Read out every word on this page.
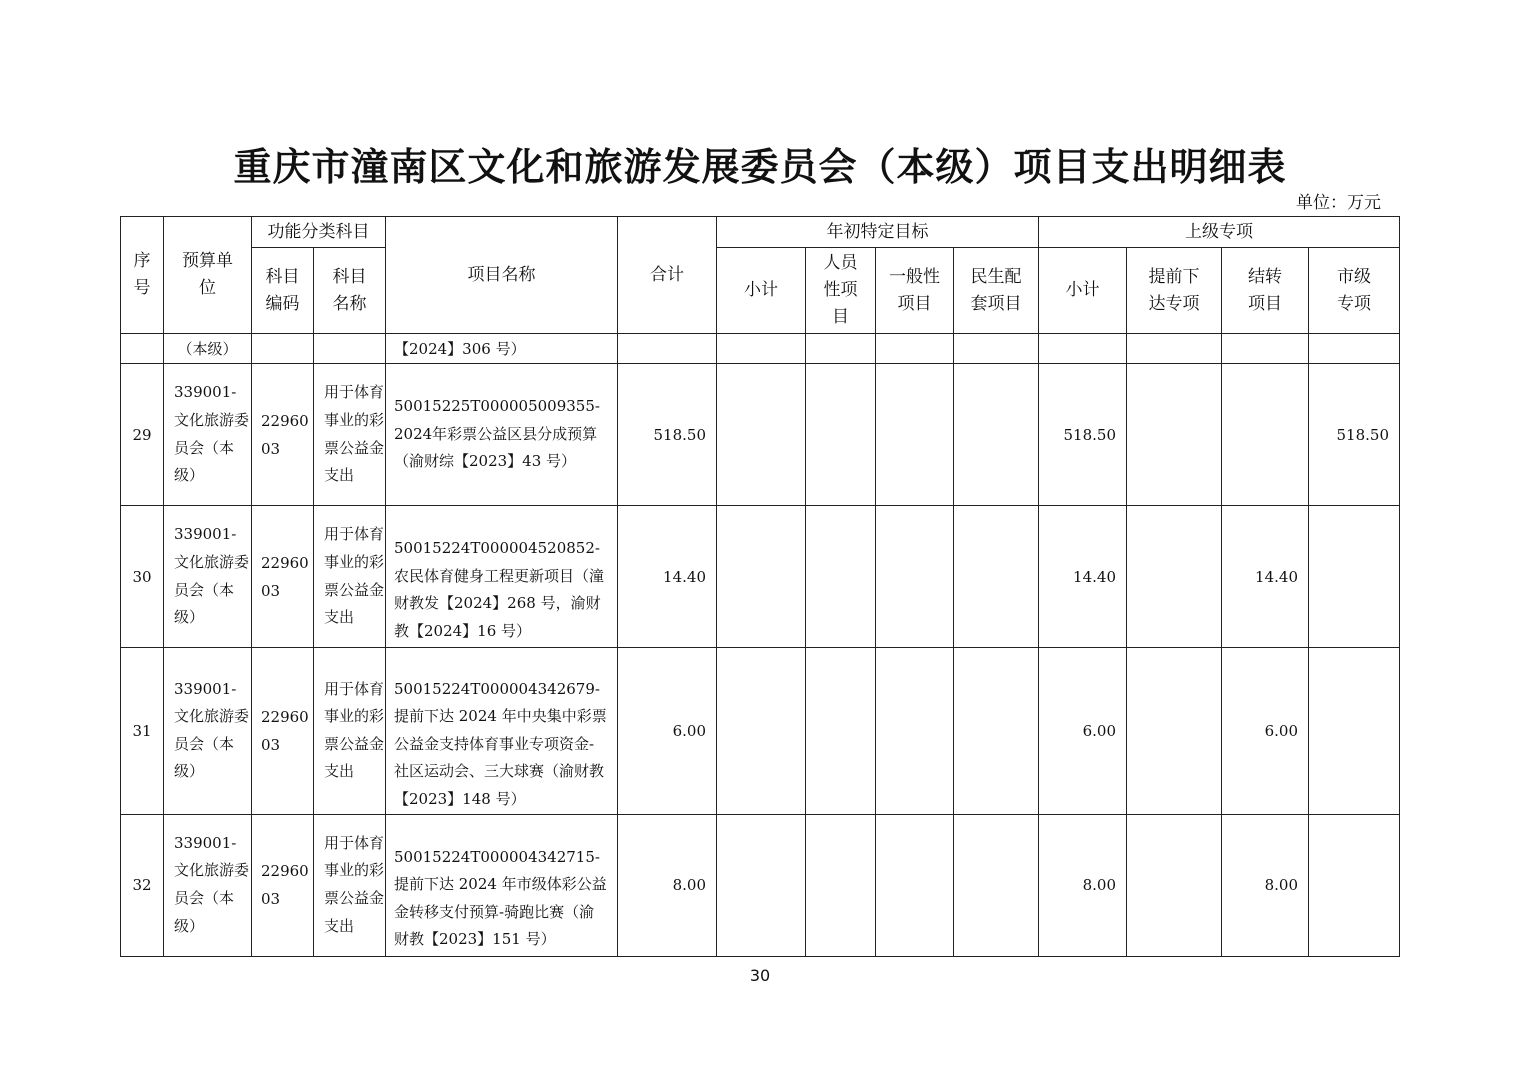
重庆市潼南区文化和旅游发展委员会（本级）项目支出明细表
单位：万元
序号	预算单位	功能分类科目		项目名称	合计	年初特定目标				上级专项			

		科目编码	科目名称			小计	人员性项目	一般性项目	民生配套项目	小计	提前下达专项	结转项目	市级专项

	（本级）			【2024】306 号）									
29	339001-文化旅游委员会（本级）	2296003	用于体育事业的彩票公益金支出	50015225T000005009355-2024年彩票公益区县分成预算（渝财综【2023】43 号）	518.50					518.50			518.50
30	339001-文化旅游委员会（本级）	2296003	用于体育事业的彩票公益金支出	　50015224T000004520852-农民体育健身工程更新项目（潼财教发【2024】268 号，渝财教【2024】16 号）	14.40					14.40		14.40	
31	339001-文化旅游委员会（本级）	2296003	用于体育事业的彩票公益金支出	　50015224T000004342679-提前下达 2024 年中央集中彩票公益金支持体育事业专项资金-社区运动会、三大球赛（渝财教【2023】148 号）	6.00					6.00		6.00	
32	339001-文化旅游委员会（本级）	2296003	用于体育事业的彩票公益金支出	　50015224T000004342715-提前下达 2024 年市级体彩公益金转移支付预算-骑跑比赛（渝财教【2023】151 号）	8.00					8.00		8.00	
30
